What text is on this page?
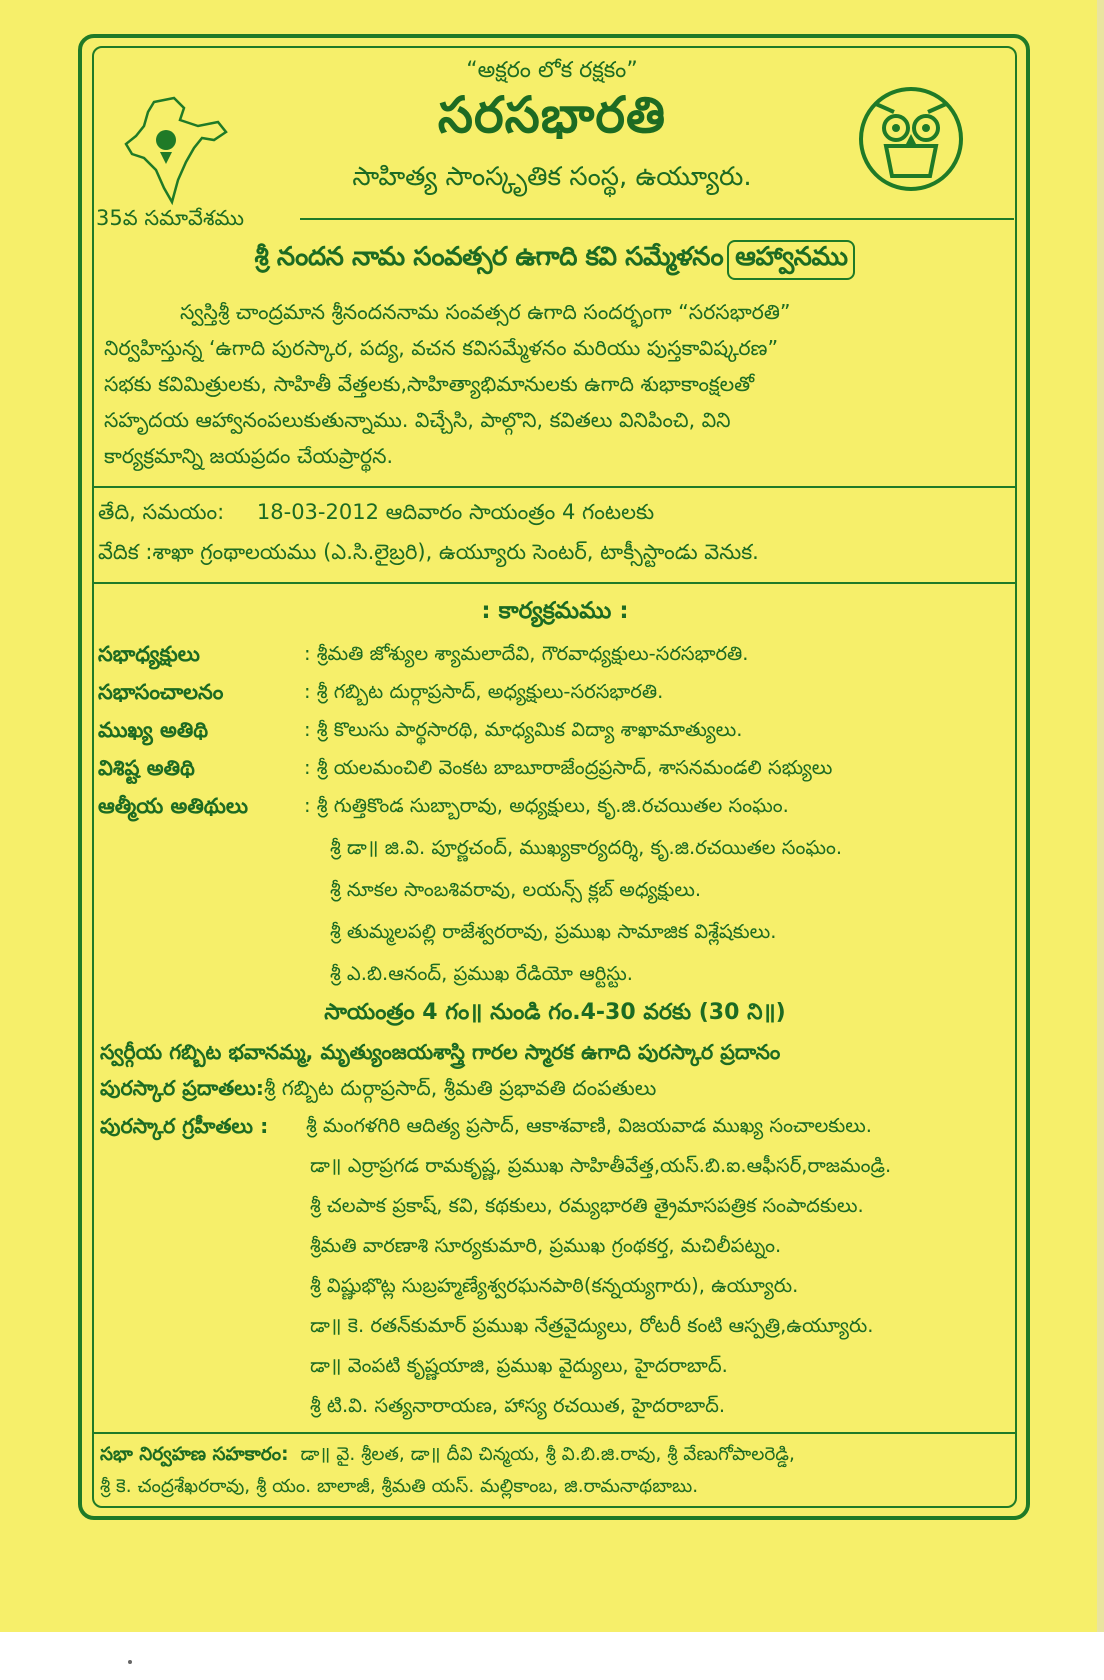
“అక్షరం లోక రక్షకం”
సరసభారతి
సాహిత్య సాంస్కృతిక సంస్థ, ఉయ్యూరు.
35వ సమావేశము
శ్రీ నందన నామ సంవత్సర ఉగాది కవి సమ్మేళనం ఆహ్వానము
స్వస్తిశ్రీ చాంద్రమాన శ్రీనందననామ సంవత్సర ఉగాది సందర్భంగా “సరసభారతి”
నిర్వహిస్తున్న ‘ఉగాది పురస్కార, పద్య, వచన కవిసమ్మేళనం మరియు పుస్తకావిష్కరణ”
సభకు కవిమిత్రులకు, సాహితీ వేత్తలకు,సాహిత్యాభిమానులకు ఉగాది శుభాకాంక్షలతో
సహృదయ ఆహ్వానంపలుకుతున్నాము. విచ్చేసి, పాల్గొని, కవితలు వినిపించి, విని
కార్యక్రమాన్ని జయప్రదం చేయప్రార్థన.
తేది, సమయం: 18-03-2012 ఆదివారం సాయంత్రం 4 గంటలకు
వేదిక :శాఖా గ్రంథాలయము (ఎ.సి.లైబ్రరి), ఉయ్యూరు సెంటర్, టాక్సీస్టాండు వెనుక.
: కార్యక్రమము :
సభాధ్యక్షులు	: శ్రీమతి జోశ్యుల శ్యామలాదేవి, గౌరవాధ్యక్షులు-సరసభారతి.
సభాసంచాలనం	: శ్రీ గబ్బిట దుర్గాప్రసాద్, అధ్యక్షులు-సరసభారతి.
ముఖ్య అతిథి	: శ్రీ కొలుసు పార్థసారథి, మాధ్యమిక విద్యా శాఖామాత్యులు.
విశిష్ట అతిథి	: శ్రీ యలమంచిలి వెంకట బాబూరాజేంద్రప్రసాద్, శాసనమండలి సభ్యులు
ఆత్మీయ అతిథులు	: శ్రీ గుత్తికొండ సుబ్బారావు, అధ్యక్షులు, కృ.జి.రచయితల సంఘం.
శ్రీ డా॥ జి.వి. పూర్ణచంద్, ముఖ్యకార్యదర్శి, కృ.జి.రచయితల సంఘం.
శ్రీ నూకల సాంబశివరావు, లయన్స్ క్లబ్ అధ్యక్షులు.
శ్రీ తుమ్మలపల్లి రాజేశ్వరరావు, ప్రముఖ సామాజిక విశ్లేషకులు.
శ్రీ ఎ.బి.ఆనంద్, ప్రముఖ రేడియో ఆర్టిస్టు.
సాయంత్రం 4 గం॥ నుండి గం.4-30 వరకు (30 ని॥)
స్వర్గీయ గబ్బిట భవానమ్మ, మృత్యుంజయశాస్త్రి గారల స్మారక ఉగాది పురస్కార ప్రదానం
పురస్కార ప్రదాతలు:శ్రీ గబ్బిట దుర్గాప్రసాద్, శ్రీమతి ప్రభావతి దంపతులు
పురస్కార గ్రహీతలు : శ్రీ మంగళగిరి ఆదిత్య ప్రసాద్, ఆకాశవాణి, విజయవాడ ముఖ్య సంచాలకులు.
డా॥ ఎర్రాప్రగడ రామకృష్ణ, ప్రముఖ సాహితీవేత్త,యస్.బి.ఐ.ఆఫీసర్,రాజమండ్రి.
శ్రీ చలపాక ప్రకాష్, కవి, కథకులు, రమ్యభారతి త్రైమాసపత్రిక సంపాదకులు.
శ్రీమతి వారణాశి సూర్యకుమారి, ప్రముఖ గ్రంథకర్త, మచిలీపట్నం.
శ్రీ విష్ణుభొట్ల సుబ్రహ్మణ్యేశ్వరఘనపాఠి(కన్నయ్యగారు), ఉయ్యూరు.
డా॥ కె. రతన్‌కుమార్ ప్రముఖ నేత్రవైద్యులు, రోటరీ కంటి ఆస్పత్రి,ఉయ్యూరు.
డా॥ వెంపటి కృష్ణయాజి, ప్రముఖ వైద్యులు, హైదరాబాద్.
శ్రీ టి.వి. సత్యనారాయణ, హాస్య రచయిత, హైదరాబాద్.
సభా నిర్వహణ సహకారం: డా॥ వై. శ్రీలత, డా॥ దీవి చిన్మయ, శ్రీ వి.బి.జి.రావు, శ్రీ వేణుగోపాలరెడ్డి,
శ్రీ కె. చంద్రశేఖరరావు, శ్రీ యం. బాలాజీ, శ్రీమతి యస్. మల్లికాంబ, జి.రామనాథబాబు.
